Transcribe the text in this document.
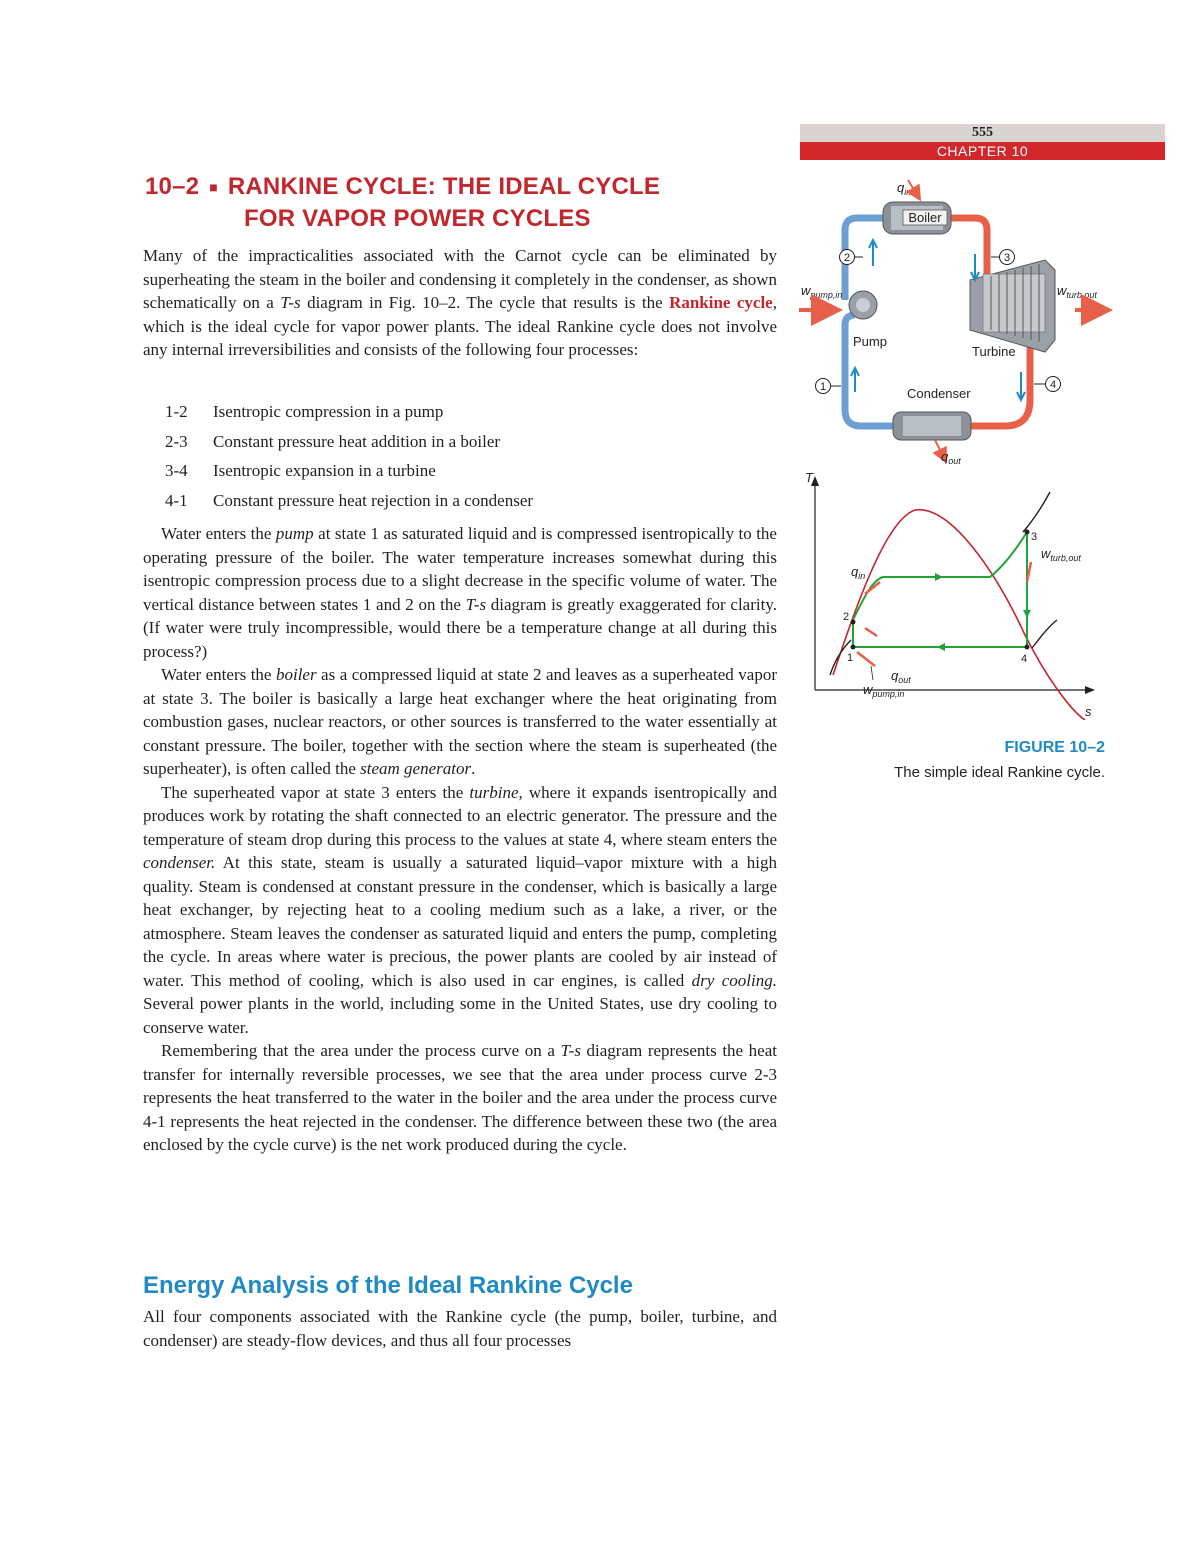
555
CHAPTER 10
10–2 ■ RANKINE CYCLE: THE IDEAL CYCLE
FOR VAPOR POWER CYCLES

Many of the impracticalities associated with the Carnot cycle can be eliminated by superheating the steam in the boiler and condensing it completely in the condenser, as shown schematically on a T-s diagram in Fig. 10–2. The cycle that results is the Rankine cycle, which is the ideal cycle for vapor power plants. The ideal Rankine cycle does not involve any internal irreversibilities and consists of the following four processes:

1-2	Isentropic compression in a pump
2-3	Constant pressure heat addition in a boiler
3-4	Isentropic expansion in a turbine
4-1	Constant pressure heat rejection in a condenser

Water enters the pump at state 1 as saturated liquid and is compressed isentropically to the operating pressure of the boiler. The water temperature increases somewhat during this isentropic compression process due to a slight decrease in the specific volume of water. The vertical distance between states 1 and 2 on the T-s diagram is greatly exaggerated for clarity. (If water were truly incompressible, would there be a temperature change at all during this process?)

Water enters the boiler as a compressed liquid at state 2 and leaves as a superheated vapor at state 3. The boiler is basically a large heat exchanger where the heat originating from combustion gases, nuclear reactors, or other sources is transferred to the water essentially at constant pressure. The boiler, together with the section where the steam is superheated (the superheater), is often called the steam generator.

The superheated vapor at state 3 enters the turbine, where it expands isentropically and produces work by rotating the shaft connected to an electric generator. The pressure and the temperature of steam drop during this process to the values at state 4, where steam enters the condenser. At this state, steam is usually a saturated liquid–vapor mixture with a high quality. Steam is condensed at constant pressure in the condenser, which is basically a large heat exchanger, by rejecting heat to a cooling medium such as a lake, a river, or the atmosphere. Steam leaves the condenser as saturated liquid and enters the pump, completing the cycle. In areas where water is precious, the power plants are cooled by air instead of water. This method of cooling, which is also used in car engines, is called dry cooling. Several power plants in the world, including some in the United States, use dry cooling to conserve water.

Remembering that the area under the process curve on a T-s diagram represents the heat transfer for internally reversible processes, we see that the area under process curve 2-3 represents the heat transferred to the water in the boiler and the area under the process curve 4-1 represents the heat rejected in the condenser. The difference between these two (the area enclosed by the cycle curve) is the net work produced during the cycle.

Energy Analysis of the Ideal Rankine Cycle
All four components associated with the Rankine cycle (the pump, boiler, turbine, and condenser) are steady-flow devices, and thus all four processes
Boiler
$q_{in}$
Pump
$w_{pump,in}$
Turbine
$w_{turb,out}$
Condenser
$q_{out}$
2	3
1	4
T
s
1
2
3
4
$q_{in}$
$w_{turb,out}$
$q_{out}$
$w_{pump,in}$
FIGURE 10–2
The simple ideal Rankine cycle.
